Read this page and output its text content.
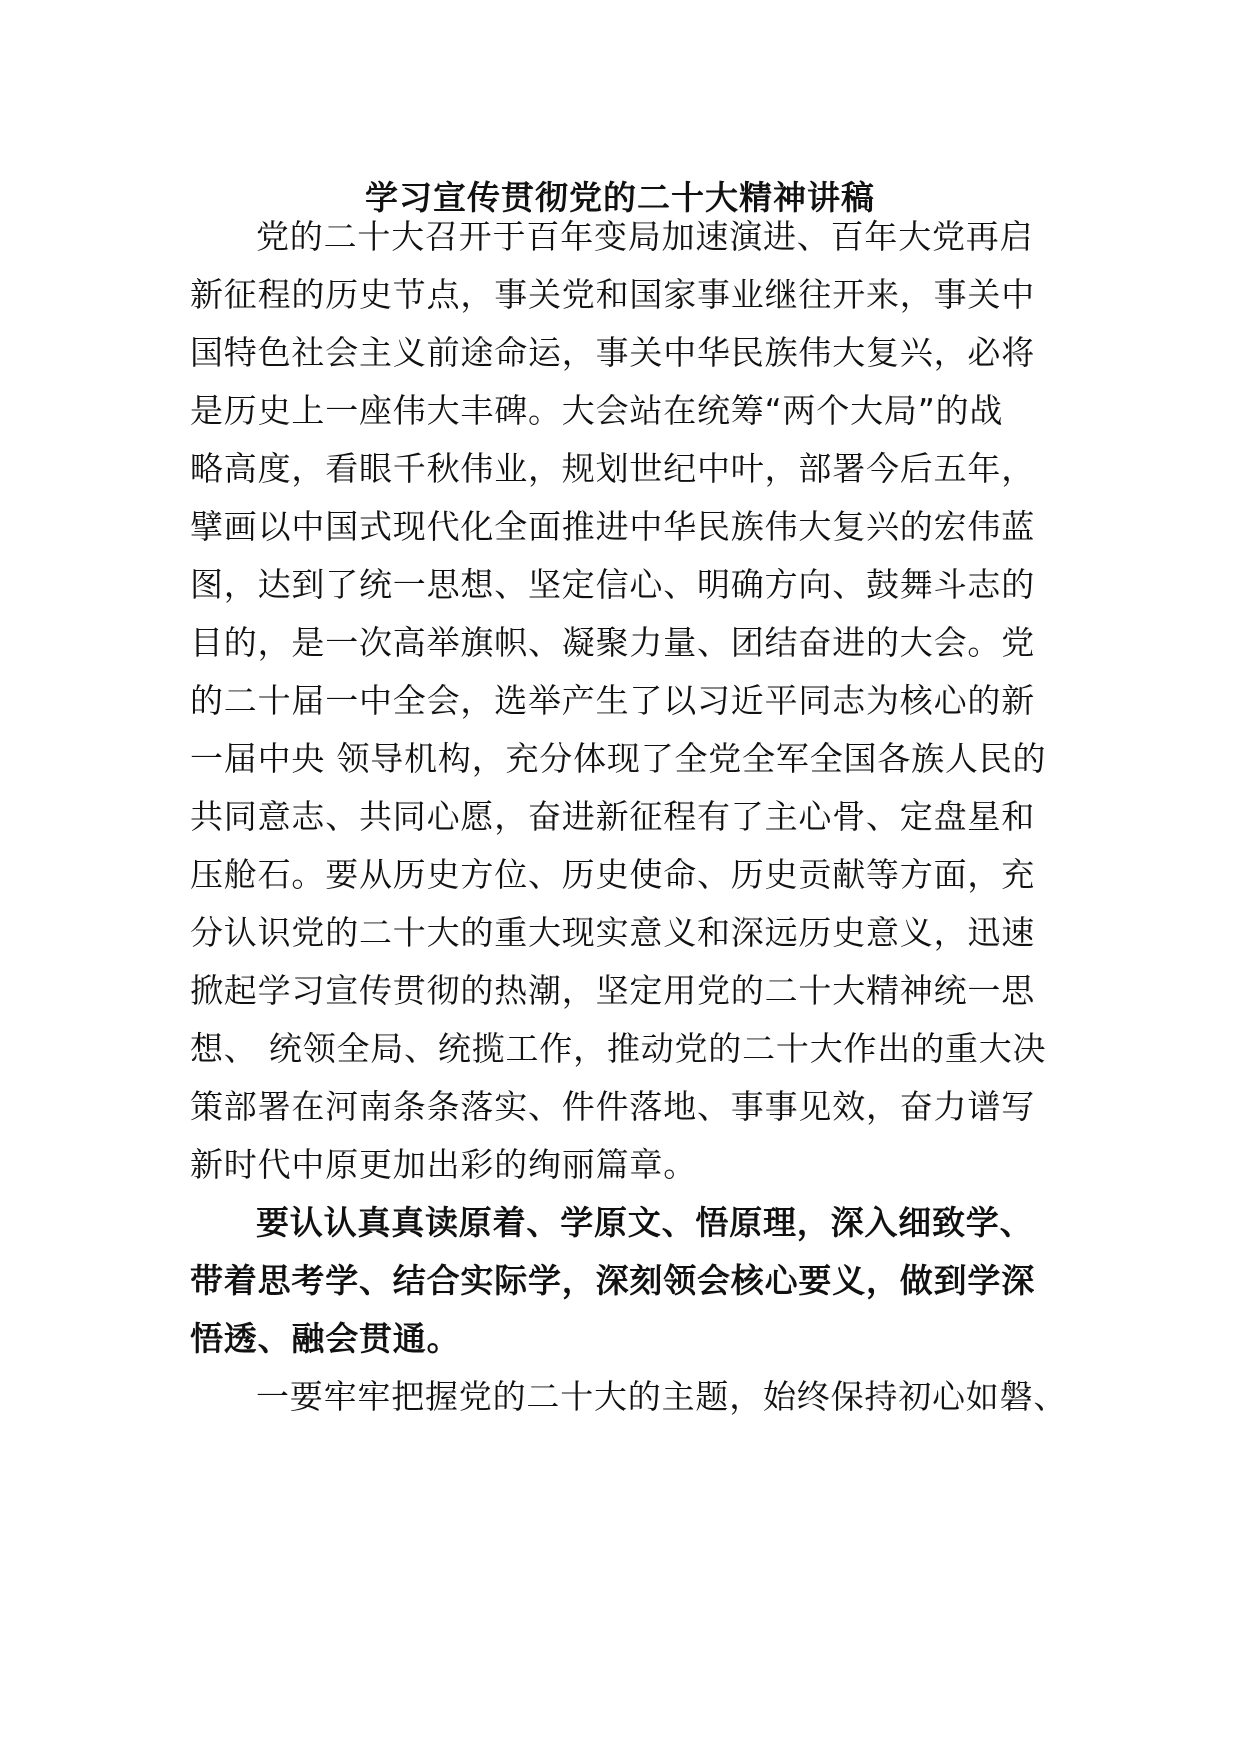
学习宣传贯彻党的二十大精神讲稿
党的二十大召开于百年变局加速演进、百年大党再启
新征程的历史节点，事关党和国家事业继往开来，事关中
国特色社会主义前途命运，事关中华民族伟大复兴，必将
是历史上一座伟大丰碑。大会站在统筹“两个大局”的战
略高度，看眼千秋伟业，规划世纪中叶，部署今后五年，
擘画以中国式现代化全面推进中华民族伟大复兴的宏伟蓝
图，达到了统一思想、坚定信心、明确方向、鼓舞斗志的
目的，是一次高举旗帜、凝聚力量、团结奋进的大会。党
的二十届一中全会，选举产生了以习近平同志为核心的新
一届中央 领导机构，充分体现了全党全军全国各族人民的
共同意志、共同心愿，奋进新征程有了主心骨、定盘星和
压舱石。要从历史方位、历史使命、历史贡献等方面，充
分认识党的二十大的重大现实意义和深远历史意义，迅速
掀起学习宣传贯彻的热潮，坚定用党的二十大精神统一思
想、 统领全局、统揽工作，推动党的二十大作出的重大决
策部署在河南条条落实、件件落地、事事见效，奋力谱写
新时代中原更加出彩的绚丽篇章。
要认认真真读原着、学原文、悟原理，深入细致学、
带着思考学、结合实际学，深刻领会核心要义，做到学深
悟透、融会贯通。
一要牢牢把握党的二十大的主题，始终保持初心如磐、
